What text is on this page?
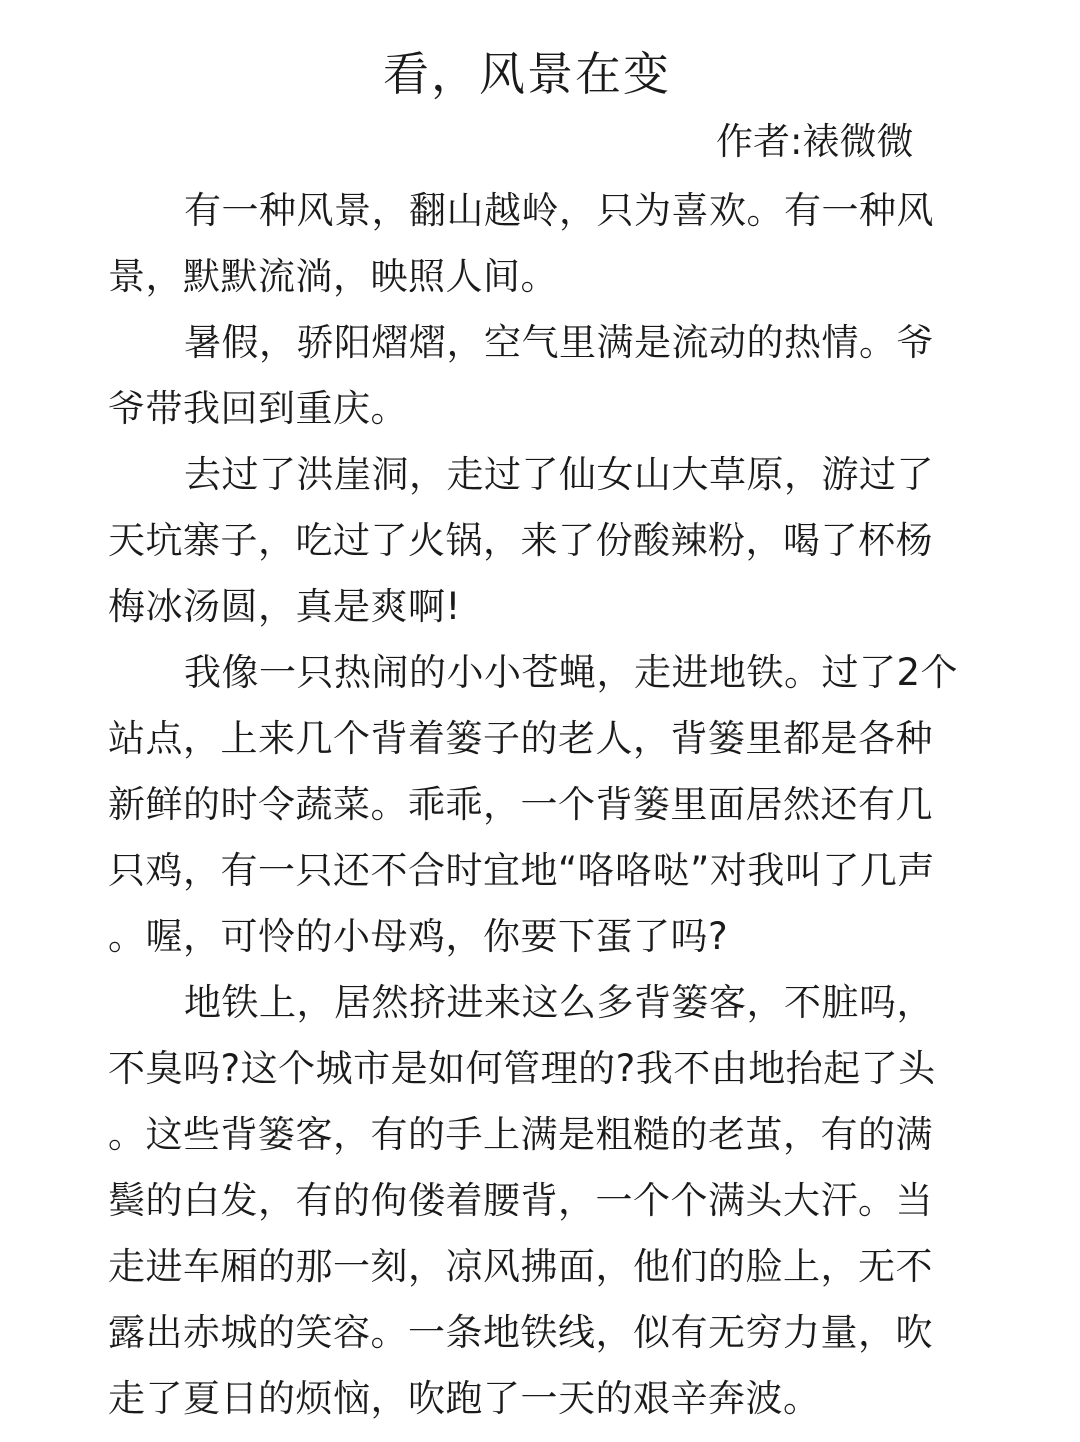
看，风景在变
作者:裱微微
有一种风景，翻山越岭，只为喜欢。有一种风
景，默默流淌，映照人间。
暑假，骄阳熠熠，空气里满是流动的热情。爷
爷带我回到重庆。
去过了洪崖洞，走过了仙女山大草原，游过了
天坑寨子，吃过了火锅，来了份酸辣粉，喝了杯杨
梅冰汤圆，真是爽啊!
我像一只热闹的小小苍蝇，走进地铁。过了2个
站点，上来几个背着篓子的老人，背篓里都是各种
新鲜的时令蔬菜。乖乖，一个背篓里面居然还有几
只鸡，有一只还不合时宜地“咯咯哒”对我叫了几声
。喔，可怜的小母鸡，你要下蛋了吗?
地铁上，居然挤进来这么多背篓客，不脏吗，
不臭吗?这个城市是如何管理的?我不由地抬起了头
。这些背篓客，有的手上满是粗糙的老茧，有的满
鬓的白发，有的佝偻着腰背，一个个满头大汗。当
走进车厢的那一刻，凉风拂面，他们的脸上，无不
露出赤城的笑容。一条地铁线，似有无穷力量，吹
走了夏日的烦恼，吹跑了一天的艰辛奔波。
